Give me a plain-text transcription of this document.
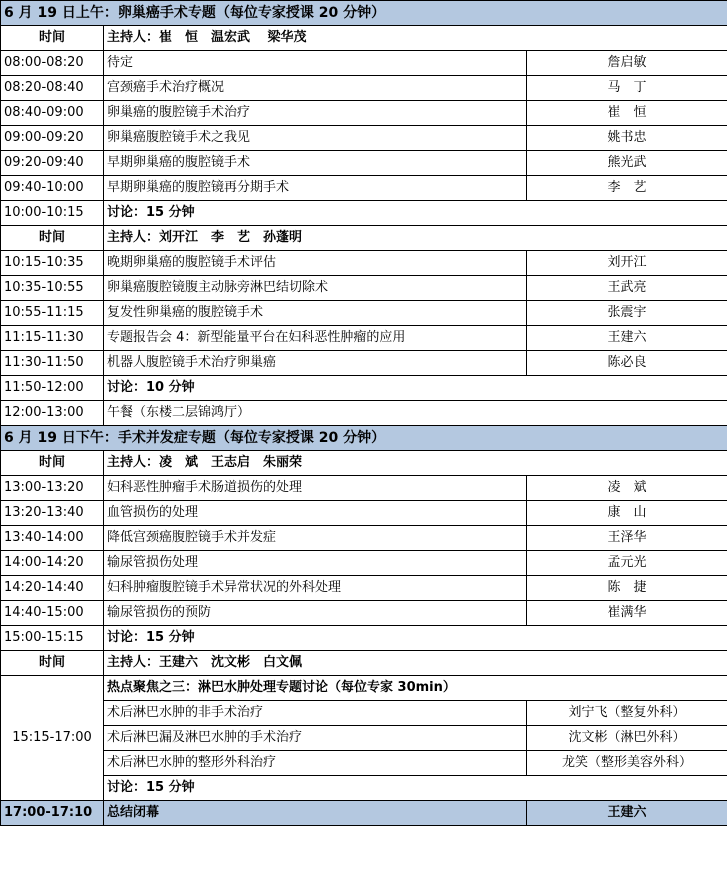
6 月 19 日上午：卵巢癌手术专题（每位专家授课 20 分钟）		
时间	主持人：崔　恒　温宏武　 梁华茂	
08:00-08:20	待定	詹启敏
08:20-08:40	宫颈癌手术治疗概况	马　丁
08:40-09:00	卵巢癌的腹腔镜手术治疗	崔　恒
09:00-09:20	卵巢癌腹腔镜手术之我见	姚书忠
09:20-09:40	早期卵巢癌的腹腔镜手术	熊光武
09:40-10:00	早期卵巢癌的腹腔镜再分期手术	李　艺
10:00-10:15	讨论：15 分钟	
时间	主持人：刘开江　李　艺　孙蓬明	
10:15-10:35	晚期卵巢癌的腹腔镜手术评估	刘开江
10:35-10:55	卵巢癌腹腔镜腹主动脉旁淋巴结切除术	王武亮
10:55-11:15	复发性卵巢癌的腹腔镜手术	张震宇
11:15-11:30	专题报告会 4：新型能量平台在妇科恶性肿瘤的应用	王建六
11:30-11:50	机器人腹腔镜手术治疗卵巢癌	陈必良
11:50-12:00	讨论：10 分钟	
12:00-13:00	午餐（东楼二层锦鸿厅）	
6 月 19 日下午：手术并发症专题（每位专家授课 20 分钟）		
时间	主持人：凌　斌　王志启　朱丽荣	
13:00-13:20	妇科恶性肿瘤手术肠道损伤的处理	凌　斌
13:20-13:40	血管损伤的处理	康　山
13:40-14:00	降低宫颈癌腹腔镜手术并发症	王泽华
14:00-14:20	输尿管损伤处理	孟元光
14:20-14:40	妇科肿瘤腹腔镜手术异常状况的外科处理	陈　捷
14:40-15:00	输尿管损伤的预防	崔满华
15:00-15:15	讨论：15 分钟	
时间	主持人：王建六　沈文彬　白文佩	
15:15-17:00	热点聚焦之三：淋巴水肿处理专题讨论（每位专家 30min）	
	术后淋巴水肿的非手术治疗	刘宁飞（整复外科）
	术后淋巴漏及淋巴水肿的手术治疗	沈文彬（淋巴外科）
	术后淋巴水肿的整形外科治疗	龙笑（整形美容外科）
	讨论：15 分钟	
17:00-17:10	总结闭幕	王建六
